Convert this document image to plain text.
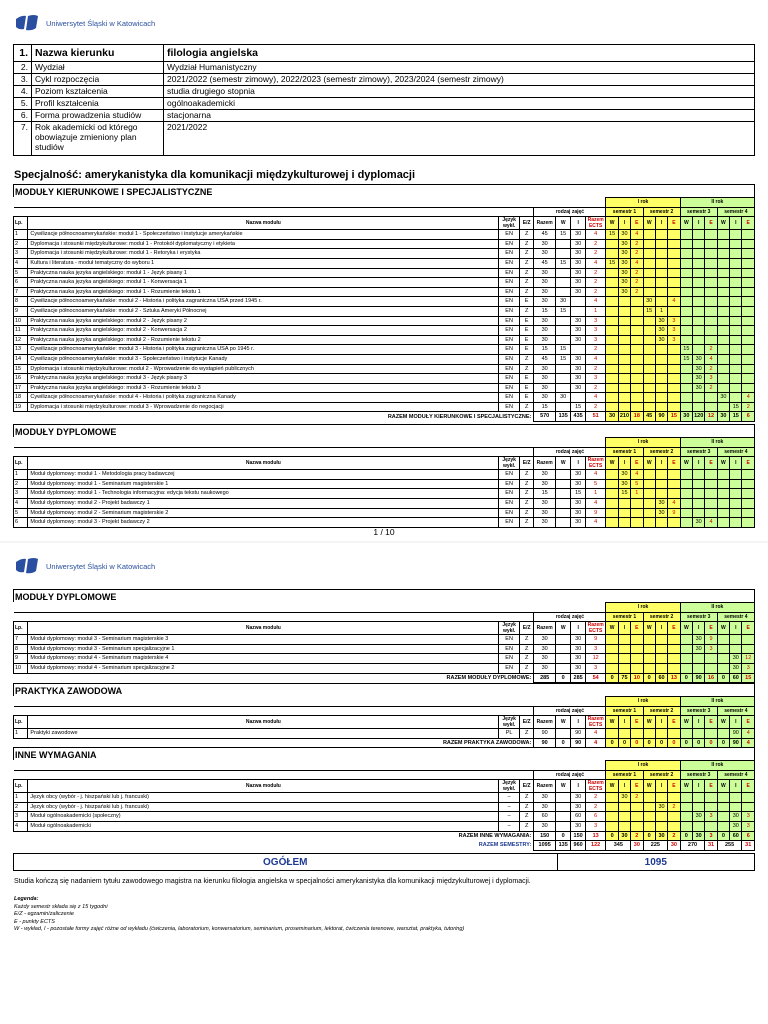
Uniwersytet Śląski w Katowicach
1.	Nazwa kierunku	filologia angielska
2.	Wydział	Wydział Humanistyczny
3.	Cykl rozpoczęcia	2021/2022 (semestr zimowy), 2022/2023 (semestr zimowy), 2023/2024 (semestr zimowy)
4.	Poziom kształcenia	studia drugiego stopnia
5.	Profil kształcenia	ogólnoakademicki
6.	Forma prowadzenia studiów	stacjonarna
7.	Rok akademicki od którego obowiązuje zmieniony plan studiów	2021/2022
Specjalność: amerykanistyka dla komunikacji międzykulturowej i dyplomacji
MODUŁY KIERUNKOWE I SPECJALISTYCZNE
								I rok						II rok					
				rodzaj zajęć				semestr 1			semestr 2			semestr 3			semestr 4		
Lp.	Nazwa modułu	Język wykł.	E/Z	Razem	W	I	Razem ECTS	W	I	E	W	I	E	W	I	E	W	I	E
1	Cywilizacje północnoamerykańskie: moduł 1 - Społeczeństwo i instytucje amerykańskie	EN	Z	45	15	30	4	15	30	4									
2	Dyplomacja i stosunki międzykulturowe: moduł 1 - Protokół dyplomatyczny i etykieta	EN	Z	30		30	2		30	2									
3	Dyplomacja i stosunki międzykulturowe: moduł 1 - Retoryka i erystyka	EN	Z	30		30	2		30	2									
4	Kultura i literatura - moduł tematyczny do wyboru 1	EN	Z	45	15	30	4	15	30	4									
5	Praktyczna nauka języka angielskiego: moduł 1 - Język pisany 1	EN	Z	30		30	2		30	2									
6	Praktyczna nauka języka angielskiego: moduł 1 - Konwersacja 1	EN	Z	30		30	2		30	2									
7	Praktyczna nauka języka angielskiego: moduł 1 - Rozumienie tekstu 1	EN	Z	30		30	2		30	2									
8	Cywilizacje północnoamerykańskie: moduł 2 - Historia i polityka zagraniczna USA przed 1945 r.	EN	E	30	30		4				30		4						
9	Cywilizacje północnoamerykańskie: moduł 2 - Sztuka Ameryki Północnej	EN	Z	15	15		1				15	1							
10	Praktyczna nauka języka angielskiego: moduł 2 - Język pisany 2	EN	E	30		30	3					30	3						
11	Praktyczna nauka języka angielskiego: moduł 2 - Konwersacja 2	EN	E	30		30	3					30	3						
12	Praktyczna nauka języka angielskiego: moduł 2 - Rozumienie tekstu 2	EN	E	30		30	3					30	3						
13	Cywilizacje północnoamerykańskie: moduł 3 - Historia i polityka zagraniczna USA po 1945 r.	EN	E	15	15		2							15		2			
14	Cywilizacje północnoamerykańskie: moduł 3 - Społeczeństwo i instytucje Kanady	EN	Z	45	15	30	4							15	30	4			
15	Dyplomacja i stosunki międzykulturowe: moduł 2 - Wprowadzenie do wystąpień publicznych	EN	Z	30		30	2								30	2			
16	Praktyczna nauka języka angielskiego: moduł 3 - Język pisany 3	EN	E	30		30	3								30	3			
17	Praktyczna nauka języka angielskiego: moduł 3 - Rozumienie tekstu 3	EN	E	30		30	2								30	2			
18	Cywilizacje północnoamerykańskie: moduł 4 - Historia i polityka zagraniczna Kanady	EN	E	30	30		4										30		4
19	Dyplomacja i stosunki międzykulturowe: moduł 3 - Wprowadzenie do negocjacji	EN	Z	15		15	2											15	2
RAZEM MODUŁY KIERUNKOWE I SPECJALISTYCZNE:				570	135	435	51	30	210	18	45	90	15	30	120	12	30	15	6
MODUŁY DYPLOMOWE
								I rok						II rok					
				rodzaj zajęć				semestr 1			semestr 2			semestr 3			semestr 4		
Lp.	Nazwa modułu	Język wykł.	E/Z	Razem	W	I	Razem ECTS	W	I	E	W	I	E	W	I	E	W	I	E
1	Moduł dyplomowy: moduł 1 - Metodologia pracy badawczej	EN	Z	30		30	4		30	4									
2	Moduł dyplomowy: moduł 1 - Seminarium magisterskie 1	EN	Z	30		30	5		30	5									
3	Moduł dyplomowy: moduł 1 - Technologia informacyjna: edycja tekstu naukowego	EN	Z	15		15	1		15	1									
4	Moduł dyplomowy: moduł 2 - Projekt badawczy 1	EN	Z	30		30	4					30	4						
5	Moduł dyplomowy: moduł 2 - Seminarium magisterskie 2	EN	Z	30		30	9					30	9						
6	Moduł dyplomowy: moduł 3 - Projekt badawczy 2	EN	Z	30		30	4								30	4			
1 / 10
Uniwersytet Śląski w Katowicach
MODUŁY DYPLOMOWE
								I rok						II rok					
				rodzaj zajęć				semestr 1			semestr 2			semestr 3			semestr 4		
Lp.	Nazwa modułu	Język wykł.	E/Z	Razem	W	I	Razem ECTS	W	I	E	W	I	E	W	I	E	W	I	E
7	Moduł dyplomowy: moduł 3 - Seminarium magisterskie 3	EN	Z	30		30	9								30	9			
8	Moduł dyplomowy: moduł 3 - Seminarium specjalizacyjne 1	EN	Z	30		30	3								30	3			
9	Moduł dyplomowy: moduł 4 - Seminarium magisterskie 4	EN	Z	30		30	12											30	12
10	Moduł dyplomowy: moduł 4 - Seminarium specjalizacyjne 2	EN	Z	30		30	3											30	3
RAZEM MODUŁY DYPLOMOWE:				285	0	285	54	0	75	10	0	60	13	0	90	16	0	60	15
PRAKTYKA ZAWODOWA
								I rok						II rok					
				rodzaj zajęć				semestr 1			semestr 2			semestr 3			semestr 4		
Lp.	Nazwa modułu	Język wykł.	E/Z	Razem	W	I	Razem ECTS	W	I	E	W	I	E	W	I	E	W	I	E
1	Praktyki zawodowe	PL	Z	90		90	4											90	4
RAZEM PRAKTYKA ZAWODOWA:				90	0	90	4	0	0	0	0	0	0	0	0	0	0	90	4
INNE WYMAGANIA
								I rok						II rok					
				rodzaj zajęć				semestr 1			semestr 2			semestr 3			semestr 4		
Lp.	Nazwa modułu	Język wykł.	E/Z	Razem	W	I	Razem ECTS	W	I	E	W	I	E	W	I	E	W	I	E
1	Język obcy (wybór - j. hiszpański lub j. francuski)	–	Z	30		30	2		30	2									
2	Język obcy (wybór - j. hiszpański lub j. francuski)	–	Z	30		30	2					30	2						
3	Moduł ogólnoakademicki (społeczny)	–	Z	60		60	6								30	3		30	3
4	Moduł ogólnoakademicki	–	Z	30		30	3											30	3
RAZEM INNE WYMAGANIA:				150	0	150	13	0	30	2	0	30	2	0	30	3	0	60	6
RAZEM SEMESTRY:				1095	135	960	122	345		30	225		30	270		31	255		31
OGÓŁEM	1095
Studia kończą się nadaniem tytułu zawodowego magistra na kierunku filologia angielska w specjalności amerykanistyka dla komunikacji międzykulturowej i dyplomacji.
Legenda:
Każdy semestr składa się z 15 tygodni
E/Z - egzamin/zaliczenie
E - punkty ECTS
W - wykład, I - pozostałe formy zajęć różne od wykładu (ćwiczenia, laboratorium, konwersatorium, seminarium, proseminarium, lektorat, ćwiczenia terenowe, warsztat, praktyka, tutoring)
